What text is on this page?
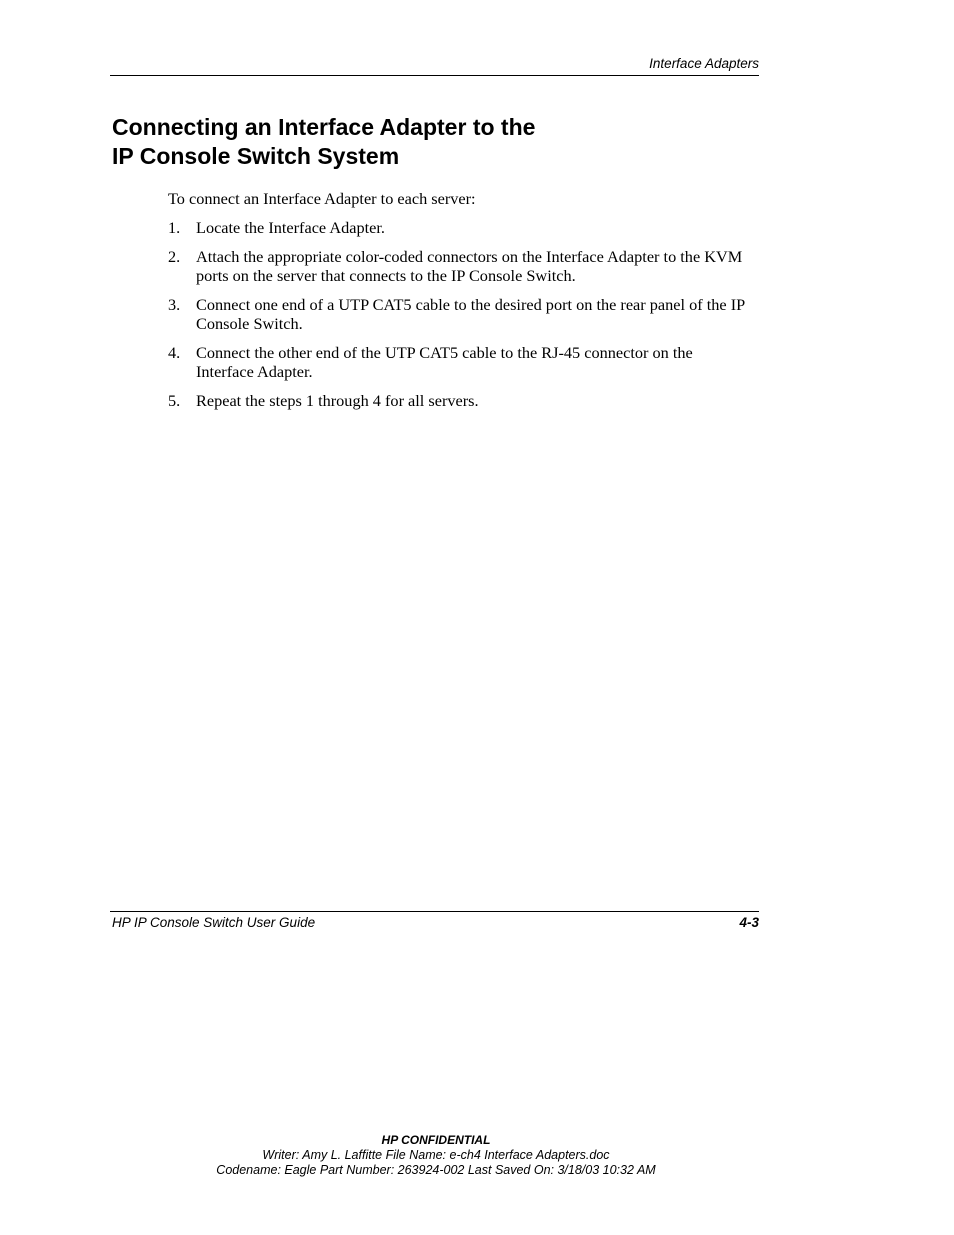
Interface Adapters
Connecting an Interface Adapter to the
IP Console Switch System

To connect an Interface Adapter to each server:

1. Locate the Interface Adapter.
2. Attach the appropriate color-coded connectors on the Interface Adapter to the KVM ports on the server that connects to the IP Console Switch.
3. Connect one end of a UTP CAT5 cable to the desired port on the rear panel of the IP Console Switch.
4. Connect the other end of the UTP CAT5 cable to the RJ-45 connector on the Interface Adapter.
5. Repeat the steps 1 through 4 for all servers.
HP IP Console Switch User Guide	4-3
HP CONFIDENTIAL
Writer: Amy L. Laffitte File Name: e-ch4 Interface Adapters.doc
Codename: Eagle Part Number: 263924-002 Last Saved On: 3/18/03 10:32 AM
